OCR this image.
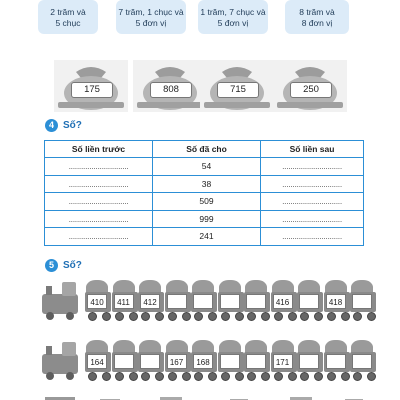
2 trăm và
5 chục
7 trăm, 1 chục và
5 đơn vị
1 trăm, 7 chục và
5 đơn vị
8 trăm và
8 đơn vị
175	808	715	250
4 Số?
Số liền trước	Số đã cho	Số liền sau
.............................	54	.............................
.............................	38	.............................
.............................	509	.............................
.............................	999	.............................
.............................	241	.............................
5 Số?
410	411	412	416	418
164	167	168	171
